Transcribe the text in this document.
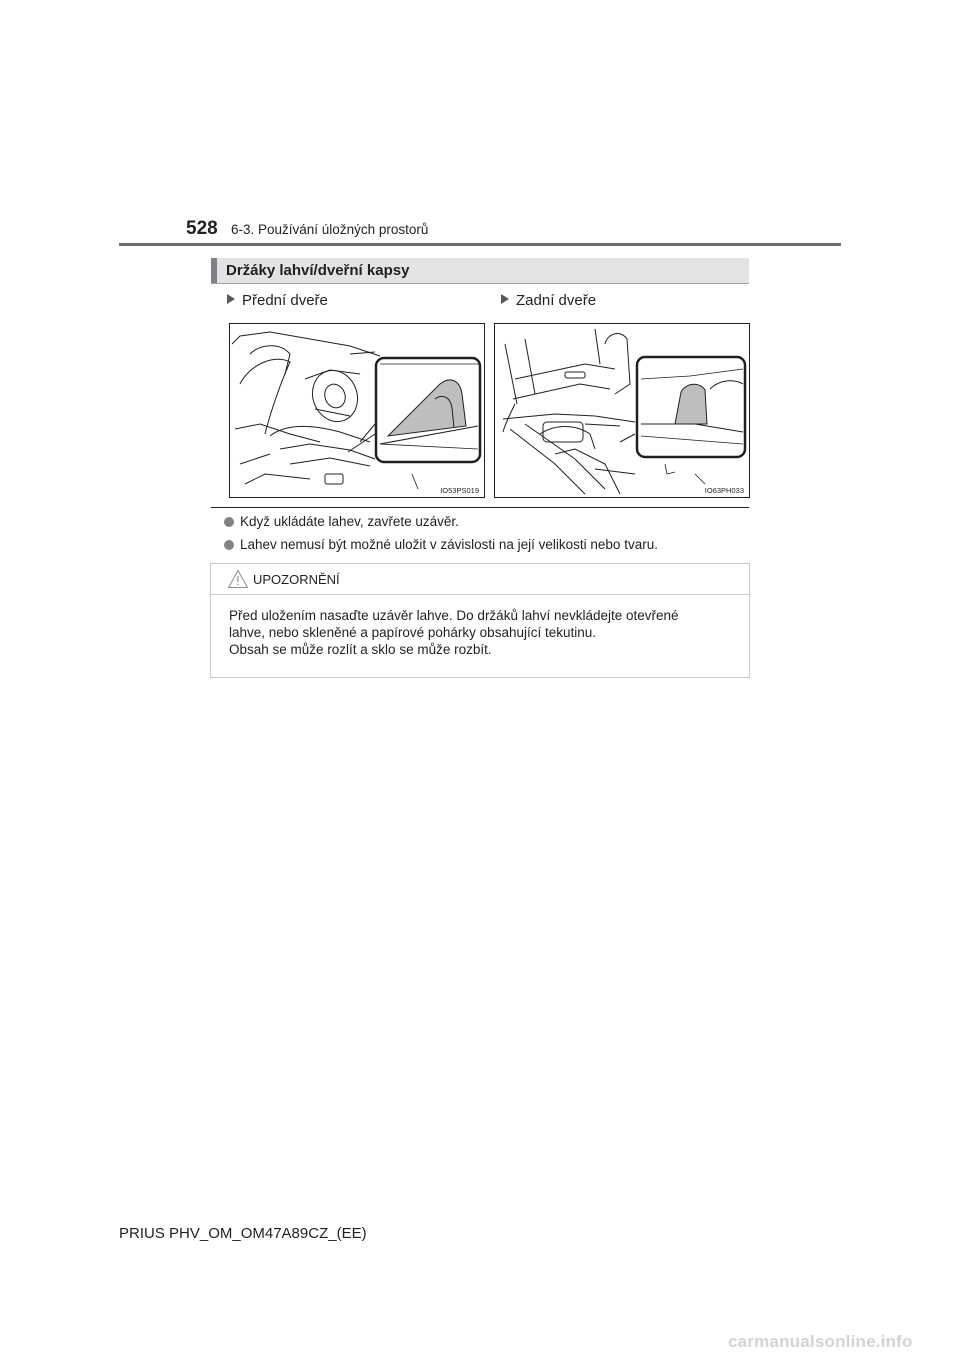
528 6-3. Používání úložných prostorů
Držáky lahví/dveřní kapsy
Přední dveře	Zadní dveře
IO53PS019	IO63PH033
Když ukládáte lahev, zavřete uzávěr.
Lahev nemusí být možné uložit v závislosti na její velikosti nebo tvaru.
UPOZORNĚNÍ
Před uložením nasaďte uzávěr lahve. Do držáků lahví nevkládejte otevřené
lahve, nebo skleněné a papírové pohárky obsahující tekutinu.
Obsah se může rozlít a sklo se může rozbít.
PRIUS PHV_OM_OM47A89CZ_(EE)
carmanualsonline.info
